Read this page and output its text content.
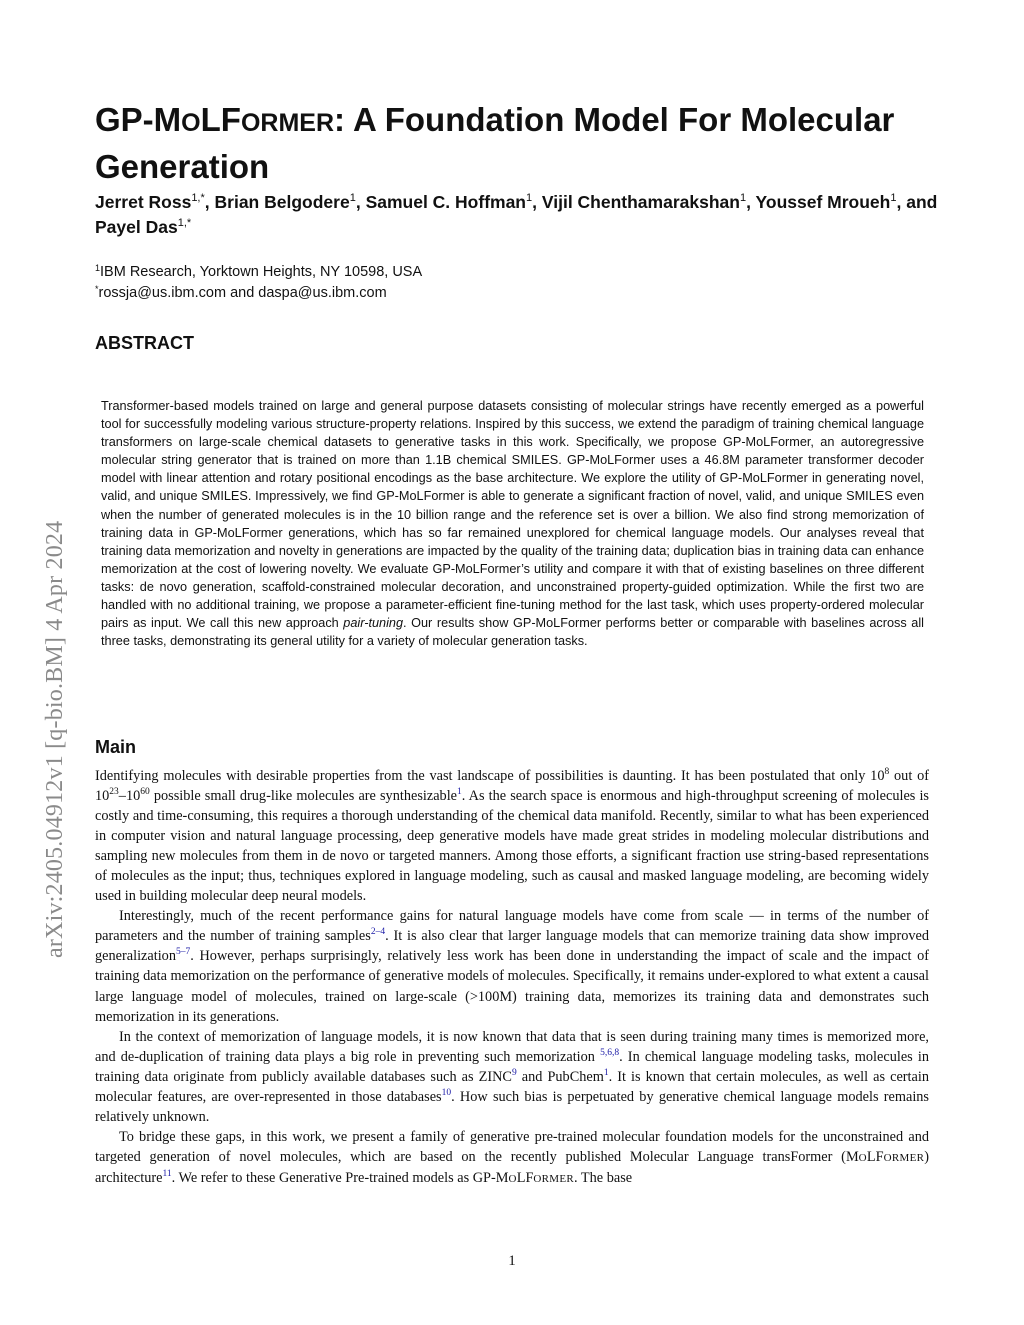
arXiv:2405.04912v1 [q-bio.BM] 4 Apr 2024
GP-MOLFORMER: A Foundation Model For Molecular
Generation
Jerret Ross$^{1,*}$, Brian Belgodere$^1$, Samuel C. Hoffman$^1$, Vijil Chenthamarakshan$^1$, Youssef Mroueh$^1$, and Payel Das$^{1,*}$
$^1$IBM Research, Yorktown Heights, NY 10598, USA
*rossja@us.ibm.com and daspa@us.ibm.com
ABSTRACT
Transformer-based models trained on large and general purpose datasets consisting of molecular strings have recently emerged as a powerful tool for successfully modeling various structure-property relations. Inspired by this success, we extend the paradigm of training chemical language transformers on large-scale chemical datasets to generative tasks in this work. Specifically, we propose GP-MoLFormer, an autoregressive molecular string generator that is trained on more than 1.1B chemical SMILES. GP-MoLFormer uses a 46.8M parameter transformer decoder model with linear attention and rotary positional encodings as the base architecture. We explore the utility of GP-MoLFormer in generating novel, valid, and unique SMILES. Impressively, we find GP-MoLFormer is able to generate a significant fraction of novel, valid, and unique SMILES even when the number of generated molecules is in the 10 billion range and the reference set is over a billion. We also find strong memorization of training data in GP-MoLFormer generations, which has so far remained unexplored for chemical language models. Our analyses reveal that training data memorization and novelty in generations are impacted by the quality of the training data; duplication bias in training data can enhance memorization at the cost of lowering novelty. We evaluate GP-MoLFormer’s utility and compare it with that of existing baselines on three different tasks: de novo generation, scaffold-constrained molecular decoration, and unconstrained property-guided optimization. While the first two are handled with no additional training, we propose a parameter-efficient fine-tuning method for the last task, which uses property-ordered molecular pairs as input. We call this new approach pair-tuning. Our results show GP-MoLFormer performs better or comparable with baselines across all three tasks, demonstrating its general utility for a variety of molecular generation tasks.
Main

Identifying molecules with desirable properties from the vast landscape of possibilities is daunting. It has been postulated that only $10^8$ out of $10^{23}-10^{60}$ possible small drug-like molecules are synthesizable$^1$. As the search space is enormous and high-throughput screening of molecules is costly and time-consuming, this requires a thorough understanding of the chemical data manifold. Recently, similar to what has been experienced in computer vision and natural language processing, deep generative models have made great strides in modeling molecular distributions and sampling new molecules from them in de novo or targeted manners. Among those efforts, a significant fraction use string-based representations of molecules as the input; thus, techniques explored in language modeling, such as causal and masked language modeling, are becoming widely used in building molecular deep neural models.

Interestingly, much of the recent performance gains for natural language models have come from scale — in terms of the number of parameters and the number of training samples$^{2-4}$. It is also clear that larger language models that can memorize training data show improved generalization$^{5-7}$. However, perhaps surprisingly, relatively less work has been done in understanding the impact of scale and the impact of training data memorization on the performance of generative models of molecules. Specifically, it remains under-explored to what extent a causal large language model of molecules, trained on large-scale (>100M) training data, memorizes its training data and demonstrates such memorization in its generations.

In the context of memorization of language models, it is now known that data that is seen during training many times is memorized more, and de-duplication of training data plays a big role in preventing such memorization $^{5,6,8}$. In chemical language modeling tasks, molecules in training data originate from publicly available databases such as ZINC$^9$ and PubChem$^1$. It is known that certain molecules, as well as certain molecular features, are over-represented in those databases$^{10}$. How such bias is perpetuated by generative chemical language models remains relatively unknown.

To bridge these gaps, in this work, we present a family of generative pre-trained molecular foundation models for the unconstrained and targeted generation of novel molecules, which are based on the recently published Molecular Language transFormer (MOLFORMER) architecture$^{11}$. We refer to these Generative Pre-trained models as GP-MOLFORMER. The base

1
